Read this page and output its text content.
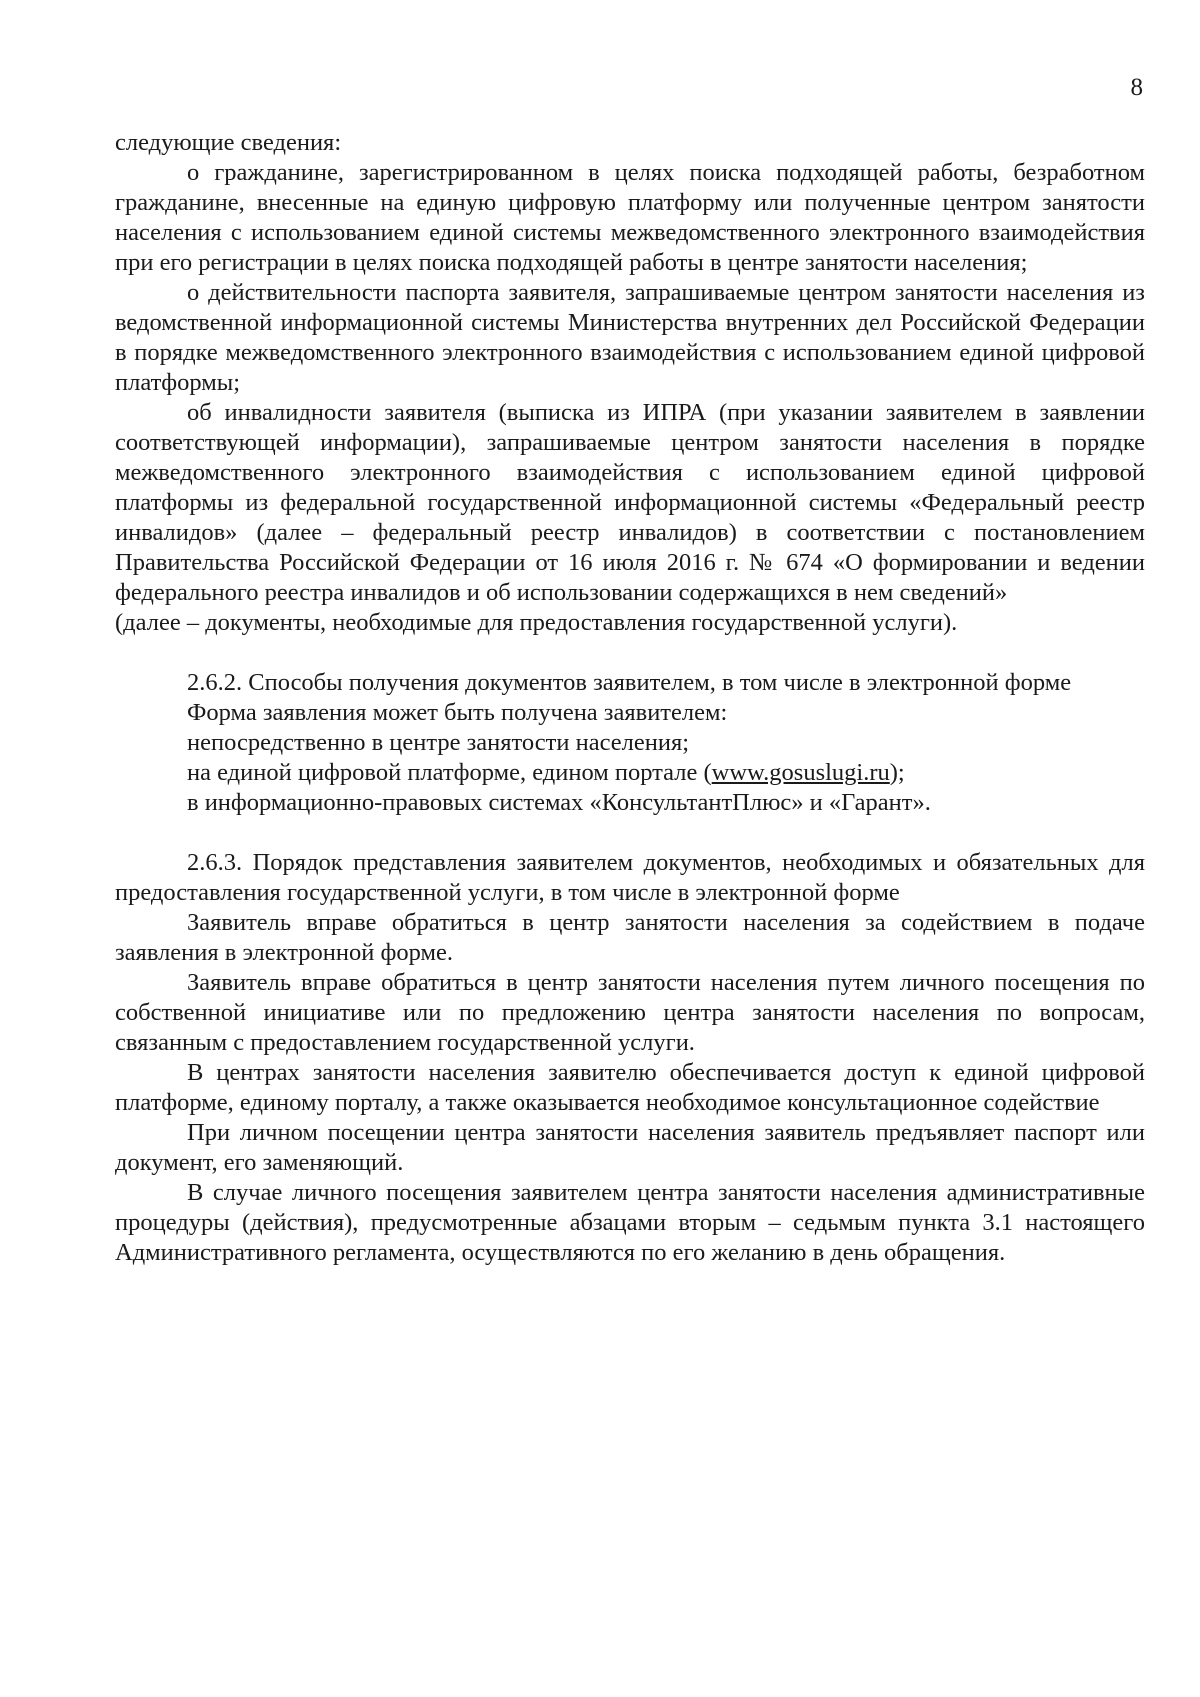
8

следующие сведения:

о гражданине, зарегистрированном в целях поиска подходящей работы, безработном гражданине, внесенные на единую цифровую платформу или полученные центром занятости населения с использованием единой системы межведомственного электронного взаимодействия при его регистрации в целях поиска подходящей работы в центре занятости населения;

о действительности паспорта заявителя, запрашиваемые центром занятости населения из ведомственной информационной системы Министерства внутренних дел Российской Федерации в порядке межведомственного электронного взаимодействия с использованием единой цифровой платформы;

об инвалидности заявителя (выписка из ИПРА (при указании заявителем в заявлении соответствующей информации), запрашиваемые центром занятости населения в порядке межведомственного электронного взаимодействия с использованием единой цифровой платформы из федеральной государственной информационной системы «Федеральный реестр инвалидов» (далее – федеральный реестр инвалидов) в соответствии с постановлением Правительства Российской Федерации от 16 июля 2016 г. № 674 «О формировании и ведении федерального реестра инвалидов и об использовании содержащихся в нем сведений»

(далее – документы, необходимые для предоставления государственной услуги).

2.6.2. Способы получения документов заявителем, в том числе в электронной форме

Форма заявления может быть получена заявителем:

непосредственно в центре занятости населения;

на единой цифровой платформе, едином портале (www.gosuslugi.ru);

в информационно-правовых системах «КонсультантПлюс» и «Гарант».

2.6.3. Порядок представления заявителем документов, необходимых и обязательных для предоставления государственной услуги, в том числе в электронной форме

Заявитель вправе обратиться в центр занятости населения за содействием в подаче заявления в электронной форме.

Заявитель вправе обратиться в центр занятости населения путем личного посещения по собственной инициативе или по предложению центра занятости населения по вопросам, связанным с предоставлением государственной услуги.

В центрах занятости населения заявителю обеспечивается доступ к единой цифровой платформе, единому порталу, а также оказывается необходимое консультационное содействие

При личном посещении центра занятости населения заявитель предъявляет паспорт или документ, его заменяющий.

В случае личного посещения заявителем центра занятости населения административные процедуры (действия), предусмотренные абзацами вторым – седьмым пункта 3.1 настоящего Административного регламента, осуществляются по его желанию в день обращения.
